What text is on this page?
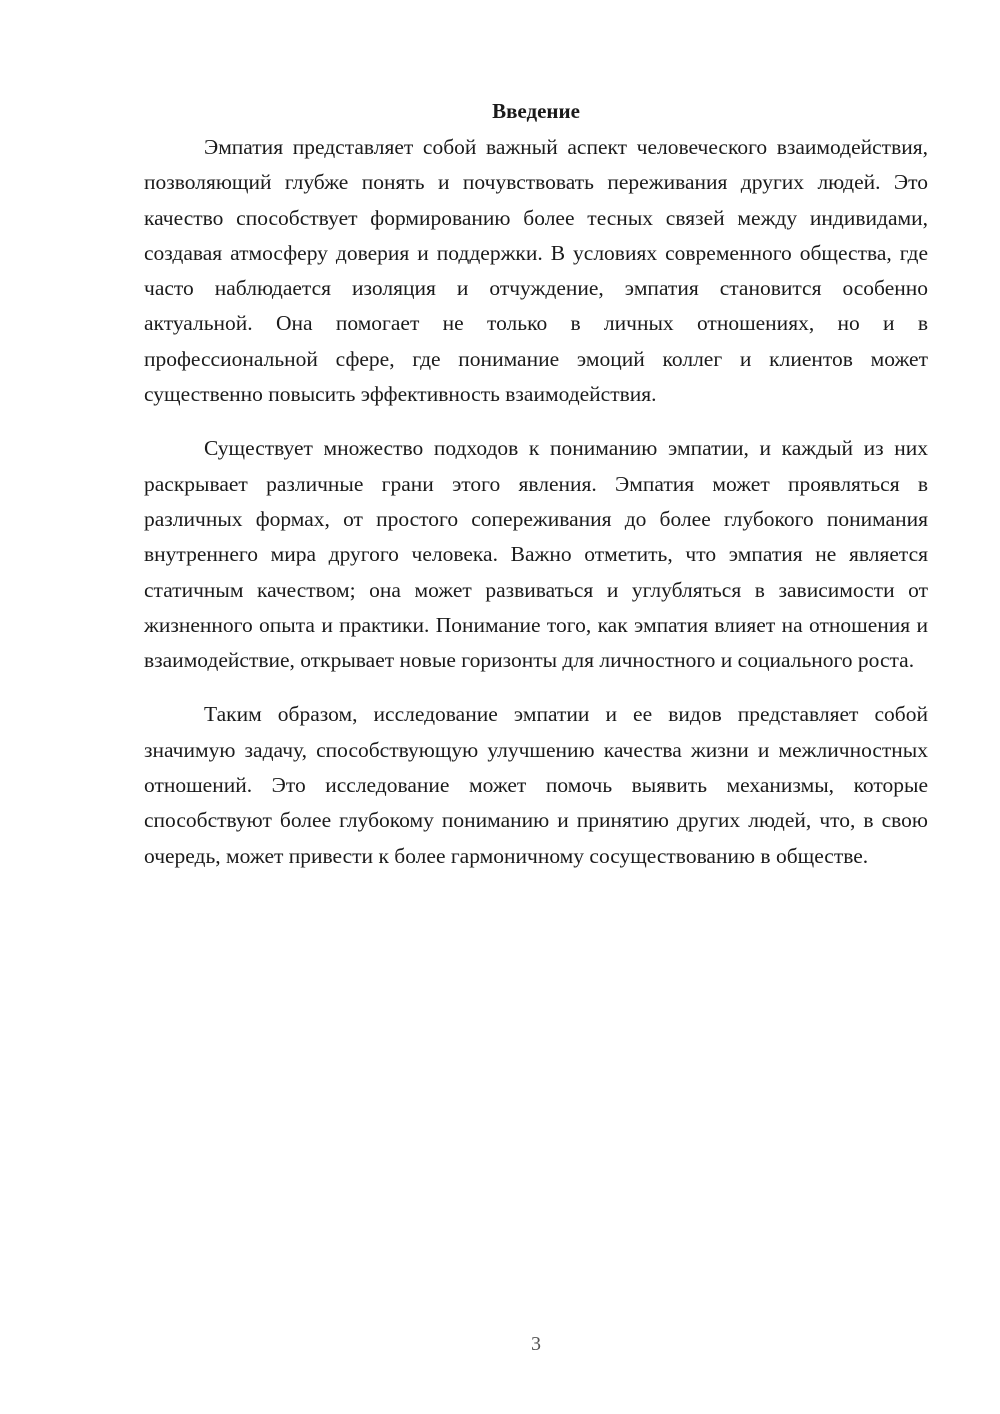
Введение

Эмпатия представляет собой важный аспект человеческого взаимодействия, позволяющий глубже понять и почувствовать переживания других людей. Это качество способствует формированию более тесных связей между индивидами, создавая атмосферу доверия и поддержки. В условиях современного общества, где часто наблюдается изоляция и отчуждение, эмпатия становится особенно актуальной. Она помогает не только в личных отношениях, но и в профессиональной сфере, где понимание эмоций коллег и клиентов может существенно повысить эффективность взаимодействия.

Существует множество подходов к пониманию эмпатии, и каждый из них раскрывает различные грани этого явления. Эмпатия может проявляться в различных формах, от простого сопереживания до более глубокого понимания внутреннего мира другого человека. Важно отметить, что эмпатия не является статичным качеством; она может развиваться и углубляться в зависимости от жизненного опыта и практики. Понимание того, как эмпатия влияет на отношения и взаимодействие, открывает новые горизонты для личностного и социального роста.

Таким образом, исследование эмпатии и ее видов представляет собой значимую задачу, способствующую улучшению качества жизни и межличностных отношений. Это исследование может помочь выявить механизмы, которые способствуют более глубокому пониманию и принятию других людей, что, в свою очередь, может привести к более гармоничному сосуществованию в обществе.

3
